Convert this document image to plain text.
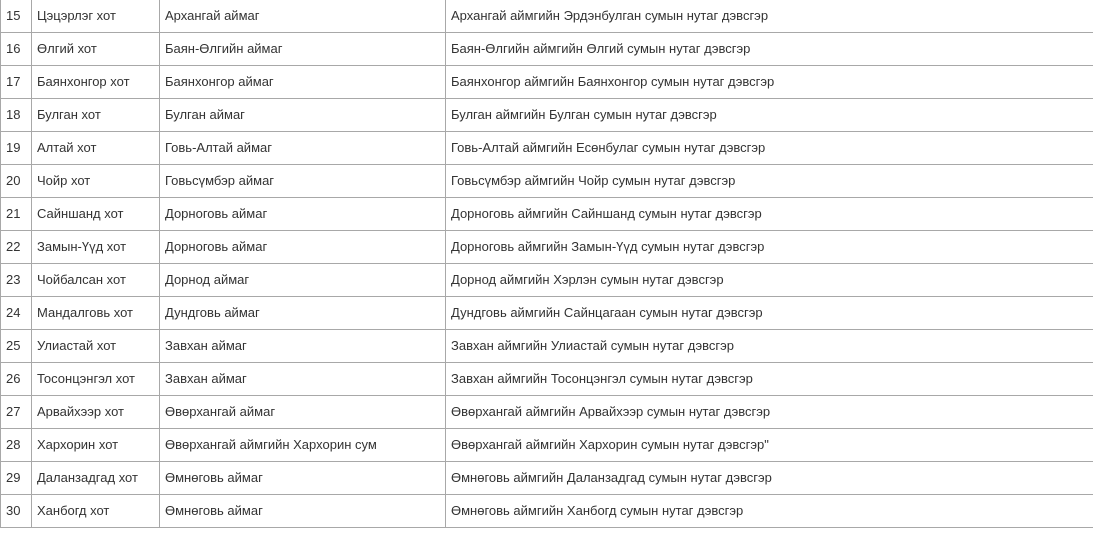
15	Цэцэрлэг хот	Архангай аймаг	Архангай аймгийн Эрдэнбулган сумын нутаг дэвсгэр
16	Өлгий хот	Баян-Өлгийн аймаг	Баян-Өлгийн аймгийн Өлгий сумын нутаг дэвсгэр
17	Баянхонгор хот	Баянхонгор аймаг	Баянхонгор аймгийн Баянхонгор сумын нутаг дэвсгэр
18	Булган хот	Булган аймаг	Булган аймгийн Булган сумын нутаг дэвсгэр
19	Алтай хот	Говь-Алтай аймаг	Говь-Алтай аймгийн Есөнбулаг сумын нутаг дэвсгэр
20	Чойр хот	Говьсүмбэр аймаг	Говьсүмбэр аймгийн Чойр сумын нутаг дэвсгэр
21	Сайншанд хот	Дорноговь аймаг	Дорноговь аймгийн Сайншанд сумын нутаг дэвсгэр
22	Замын-Үүд хот	Дорноговь аймаг	Дорноговь аймгийн Замын-Үүд сумын нутаг дэвсгэр
23	Чойбалсан хот	Дорнод аймаг	Дорнод аймгийн Хэрлэн сумын нутаг дэвсгэр
24	Мандалговь хот	Дундговь аймаг	Дундговь аймгийн Сайнцагаан сумын нутаг дэвсгэр
25	Улиастай хот	Завхан аймаг	Завхан аймгийн Улиастай сумын нутаг дэвсгэр
26	Тосонцэнгэл хот	Завхан аймаг	Завхан аймгийн Тосонцэнгэл сумын нутаг дэвсгэр
27	Арвайхээр хот	Өвөрхангай аймаг	Өвөрхангай аймгийн Арвайхээр сумын нутаг дэвсгэр
28	Хархорин хот	Өвөрхангай аймгийн Хархорин сум	Өвөрхангай аймгийн Хархорин сумын нутаг дэвсгэр"
29	Даланзадгад хот	Өмнөговь аймаг	Өмнөговь аймгийн Даланзадгад сумын нутаг дэвсгэр
30	Ханбогд хот	Өмнөговь аймаг	Өмнөговь аймгийн Ханбогд сумын нутаг дэвсгэр
